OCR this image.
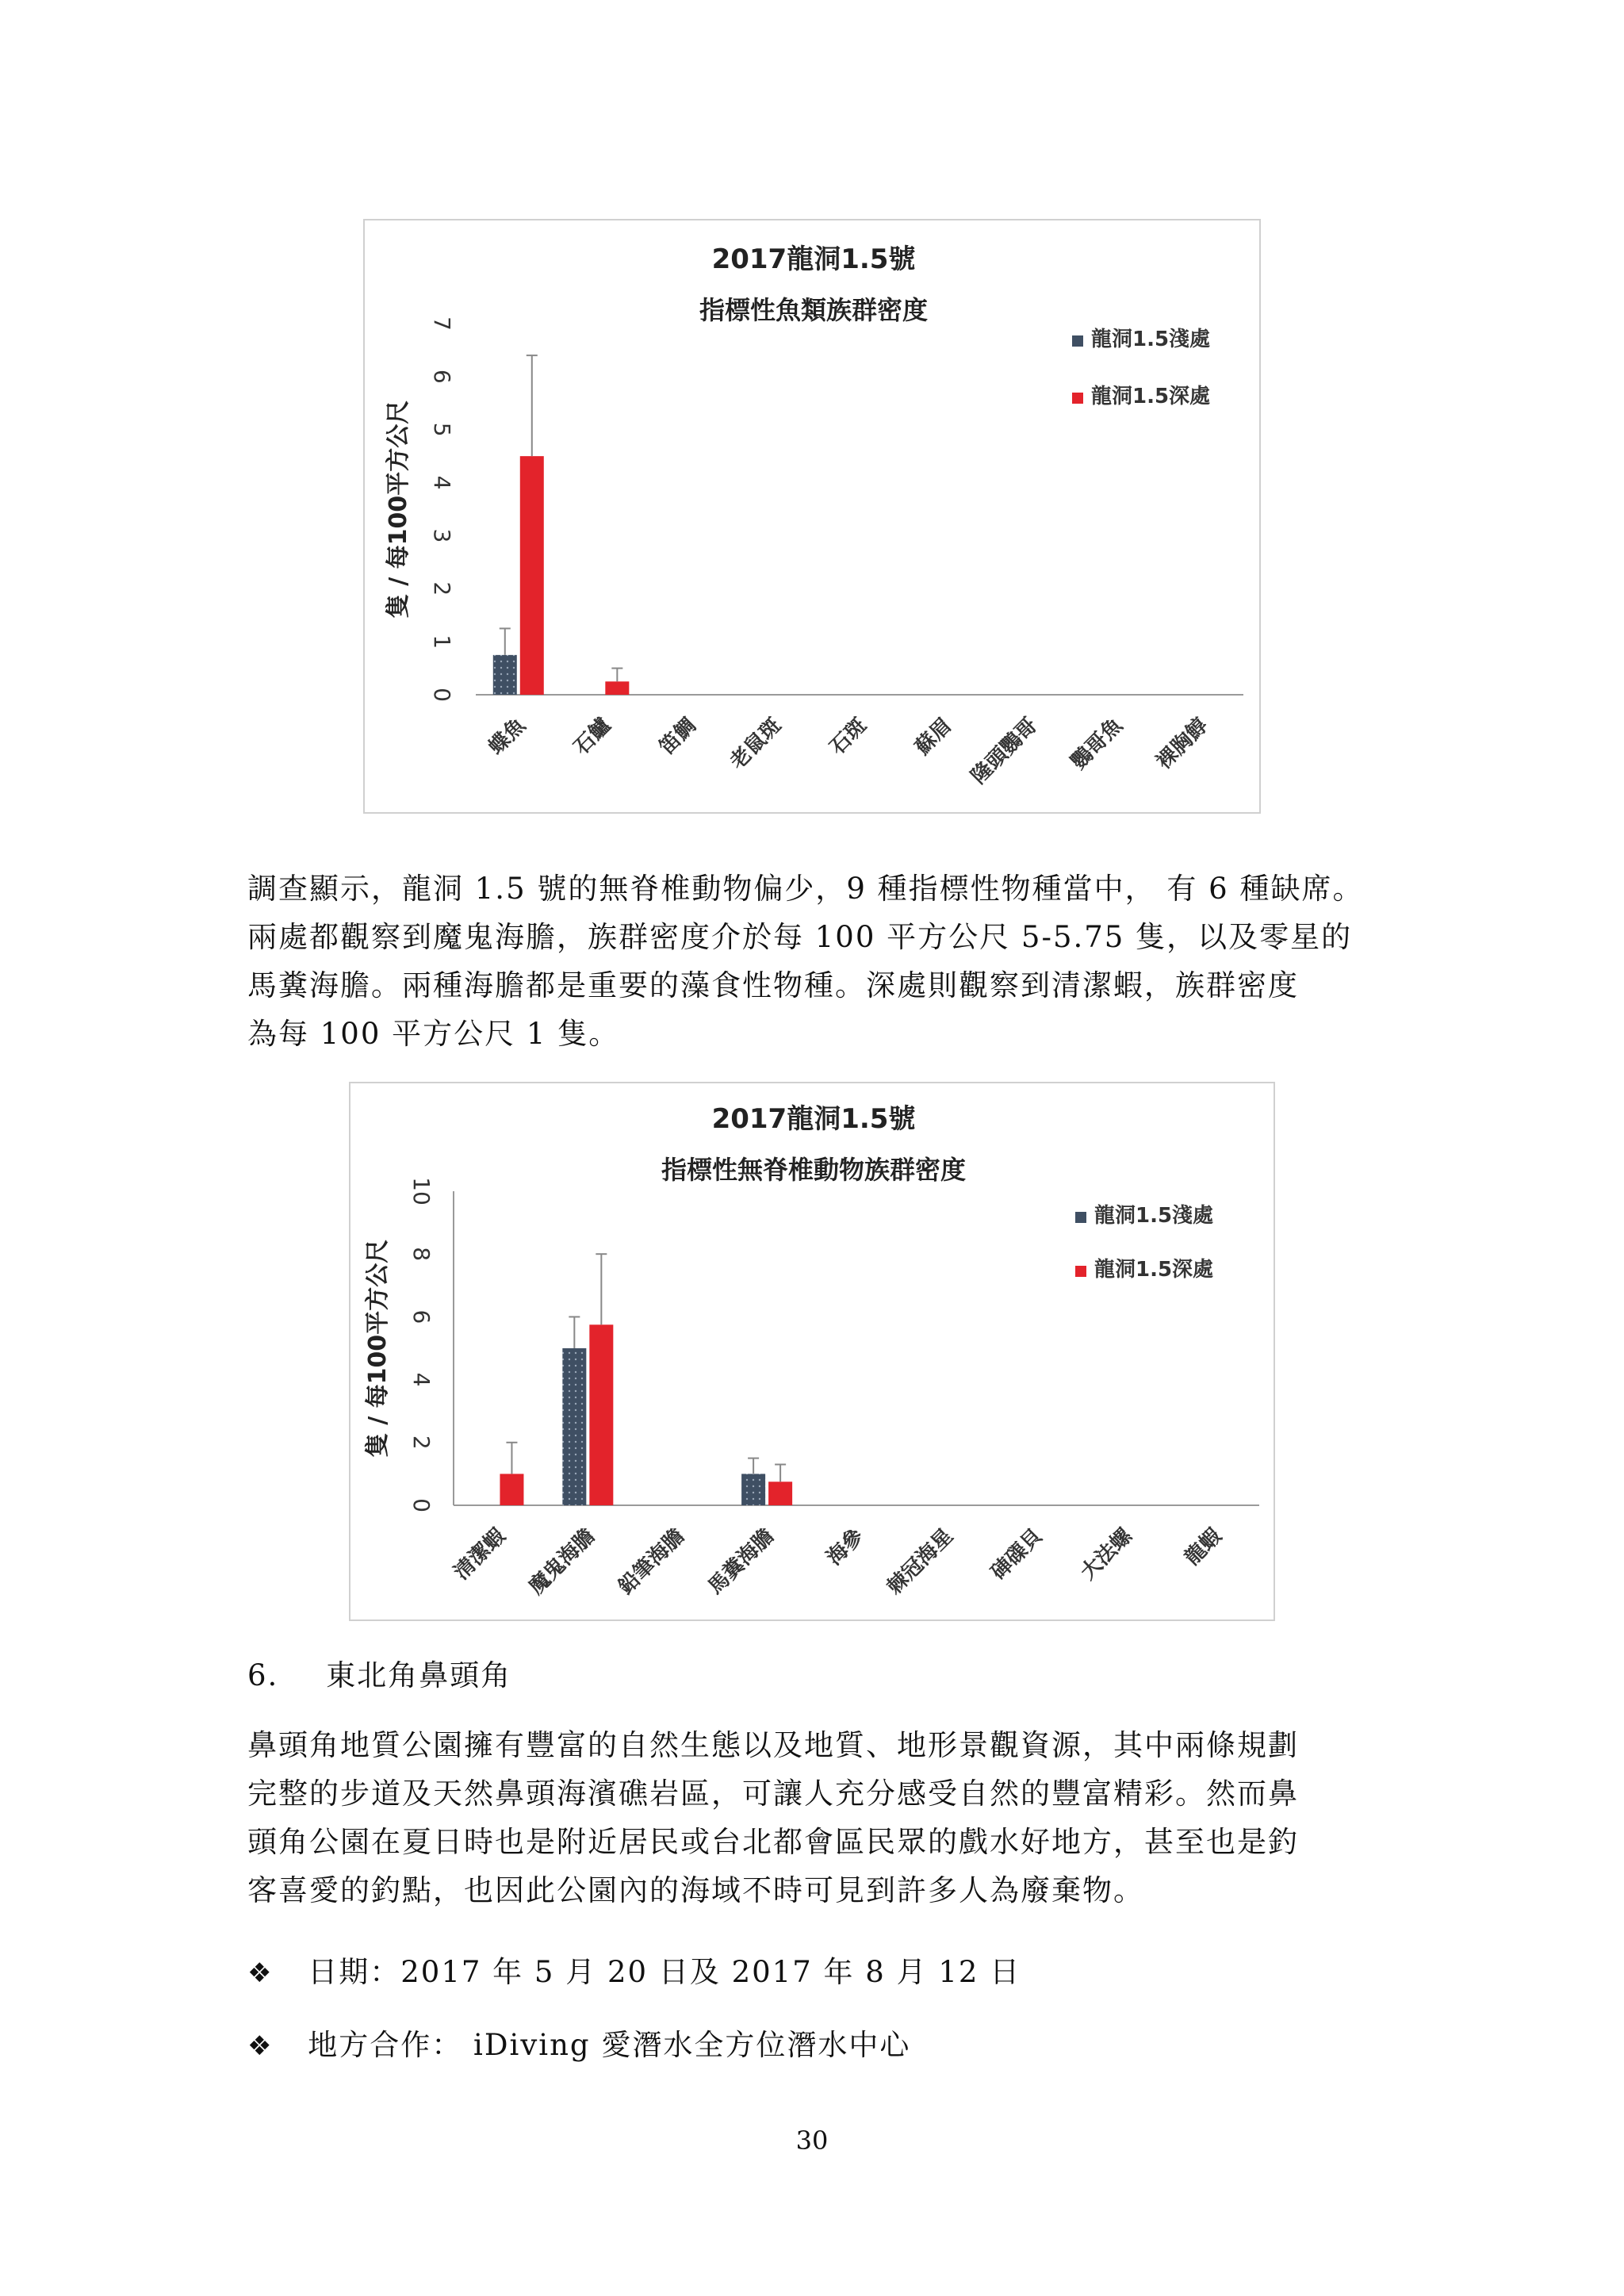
2017龍洞1.5號
指標性魚類族群密度
0
1
2
3
4
5
6
7
隻 / 每100平方公尺
蝶魚 石鱸 笛鯛 老鼠斑 石斑 蘇眉 隆頭鸚哥 鸚哥魚 裸胸鯙
龍洞1.5淺處
龍洞1.5深處

調查顯示，龍洞 1.5 號的無脊椎動物偏少，9 種指標性物種當中， 有 6 種缺席。

兩處都觀察到魔鬼海膽，族群密度介於每 100 平方公尺 5-5.75 隻，以及零星的

馬糞海膽。兩種海膽都是重要的藻食性物種。深處則觀察到清潔蝦，族群密度

為每 100 平方公尺 1 隻。

2017龍洞1.5號
指標性無脊椎動物族群密度
0
2
4
6
8
10
隻 / 每100平方公尺
清潔蝦 魔鬼海膽 鉛筆海膽 馬糞海膽 海參 棘冠海星 硨磲貝 大法螺 龍蝦
龍洞1.5淺處
龍洞1.5深處
6. 東北角鼻頭角

鼻頭角地質公園擁有豐富的自然生態以及地質、地形景觀資源，其中兩條規劃

完整的步道及天然鼻頭海濱礁岩區，可讓人充分感受自然的豐富精彩。然而鼻

頭角公園在夏日時也是附近居民或台北都會區民眾的戲水好地方，甚至也是釣

客喜愛的釣點，也因此公園內的海域不時可見到許多人為廢棄物。

❖ 日期：2017 年 5 月 20 日及 2017 年 8 月 12 日
❖ 地方合作： iDiving 愛潛水全方位潛水中心
30
